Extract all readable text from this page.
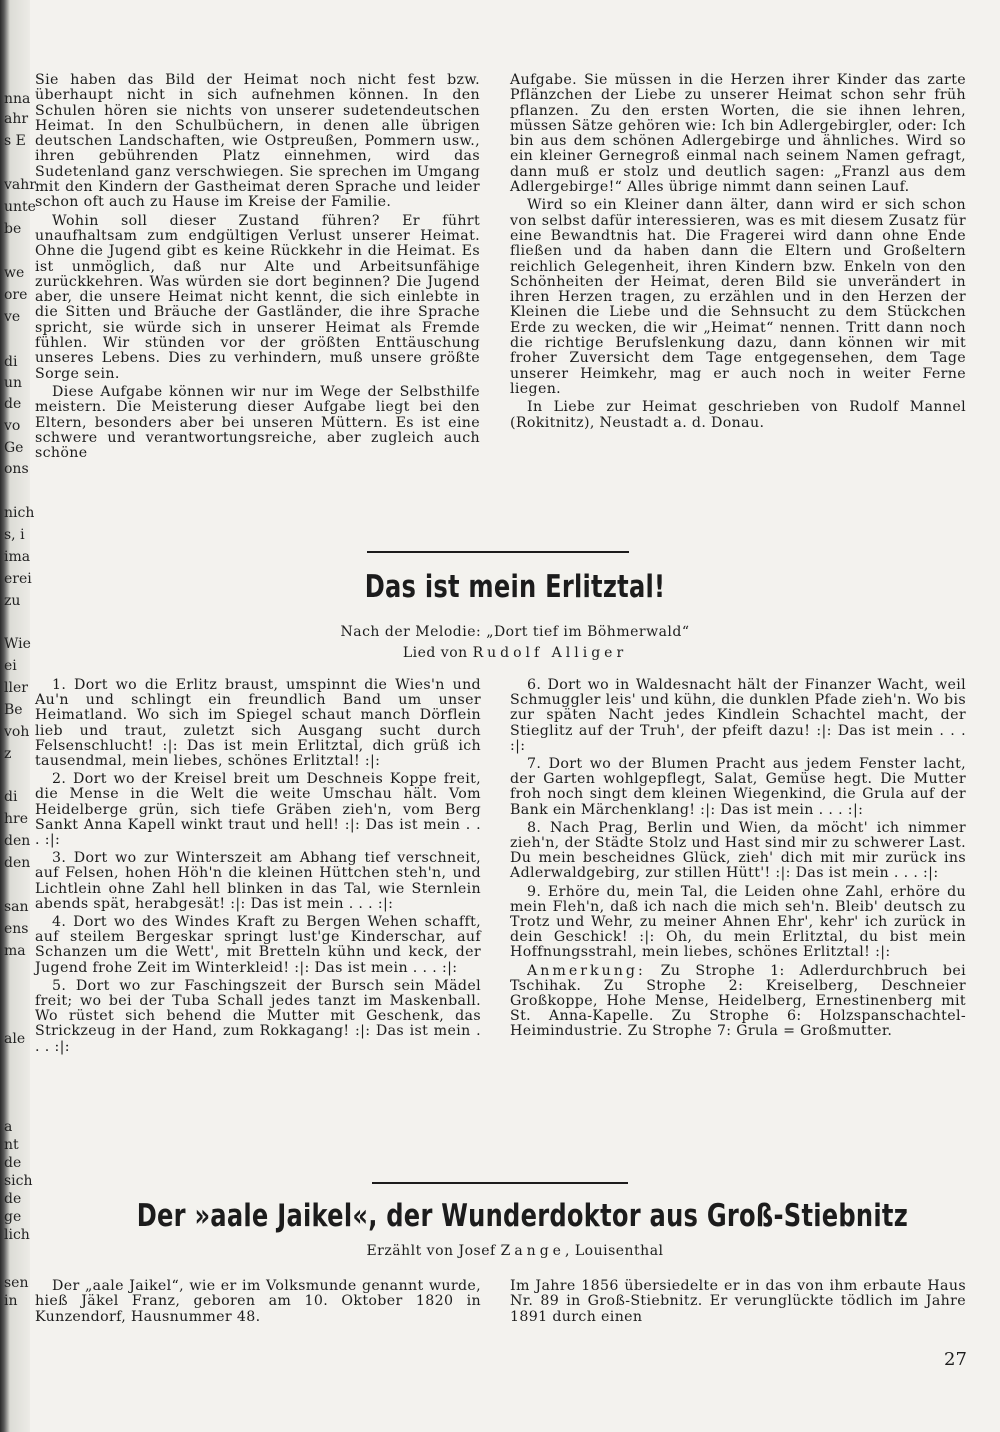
nna
ahr
s E
vahr
unte
be
we
ore
ve
di
un
de
vo
Ge
ons
nich
s, i
ima
erei
zu
Wie
ei
ller
Be
voh
z
di
hre
den
den
san
ens
ma
ale
a
nt
de
sich
de
ge
lich
sen
in

Sie haben das Bild der Heimat noch nicht fest bzw. überhaupt nicht in sich aufnehmen können. In den Schulen hören sie nichts von unserer sudetendeutschen Heimat. In den Schulbüchern, in denen alle übrigen deutschen Landschaften, wie Ostpreußen, Pommern usw., ihren gebührenden Platz einnehmen, wird das Sudetenland ganz verschwiegen. Sie sprechen im Umgang mit den Kindern der Gastheimat deren Sprache und leider schon oft auch zu Hause im Kreise der Familie.

Wohin soll dieser Zustand führen? Er führt unaufhaltsam zum endgültigen Verlust unserer Heimat. Ohne die Jugend gibt es keine Rückkehr in die Heimat. Es ist unmöglich, daß nur Alte und Arbeitsunfähige zurückkehren. Was würden sie dort beginnen? Die Jugend aber, die unsere Heimat nicht kennt, die sich einlebte in die Sitten und Bräuche der Gastländer, die ihre Sprache spricht, sie würde sich in unserer Heimat als Fremde fühlen. Wir stünden vor der größten Enttäuschung unseres Lebens. Dies zu verhindern, muß unsere größte Sorge sein.

Diese Aufgabe können wir nur im Wege der Selbsthilfe meistern. Die Meisterung dieser Aufgabe liegt bei den Eltern, besonders aber bei unseren Müttern. Es ist eine schwere und verantwortungsreiche, aber zugleich auch schöne

Aufgabe. Sie müssen in die Herzen ihrer Kinder das zarte Pflänzchen der Liebe zu unserer Heimat schon sehr früh pflanzen. Zu den ersten Worten, die sie ihnen lehren, müssen Sätze gehören wie: Ich bin Adlergebirgler, oder: Ich bin aus dem schönen Adlergebirge und ähnliches. Wird so ein kleiner Gernegroß einmal nach seinem Namen gefragt, dann muß er stolz und deutlich sagen: „Franzl aus dem Adlergebirge!“ Alles übrige nimmt dann seinen Lauf.

Wird so ein Kleiner dann älter, dann wird er sich schon von selbst dafür interessieren, was es mit diesem Zusatz für eine Bewandtnis hat. Die Fragerei wird dann ohne Ende fließen und da haben dann die Eltern und Großeltern reichlich Gelegenheit, ihren Kindern bzw. Enkeln von den Schönheiten der Heimat, deren Bild sie unverändert in ihren Herzen tragen, zu erzählen und in den Herzen der Kleinen die Liebe und die Sehnsucht zu dem Stückchen Erde zu wecken, die wir „Heimat“ nennen. Tritt dann noch die richtige Berufslenkung dazu, dann können wir mit froher Zuversicht dem Tage entgegensehen, dem Tage unserer Heimkehr, mag er auch noch in weiter Ferne liegen.

In Liebe zur Heimat geschrieben von Rudolf Mannel (Rokitnitz), Neustadt a. d. Donau.

Das ist mein Erlitztal!
Nach der Melodie: „Dort tief im Böhmerwald“
Lied von Rudolf Alliger

1. Dort wo die Erlitz braust, umspinnt die Wies'n und Au'n und schlingt ein freundlich Band um unser Heimatland. Wo sich im Spiegel schaut manch Dörflein lieb und traut, zuletzt sich Ausgang sucht durch Felsenschlucht! :|: Das ist mein Erlitztal, dich grüß ich tausendmal, mein liebes, schönes Erlitztal! :|:

2. Dort wo der Kreisel breit um Deschneis Koppe freit, die Mense in die Welt die weite Umschau hält. Vom Heidelberge grün, sich tiefe Gräben zieh'n, vom Berg Sankt Anna Kapell winkt traut und hell! :|: Das ist mein . . . :|:

3. Dort wo zur Winterszeit am Abhang tief verschneit, auf Felsen, hohen Höh'n die kleinen Hüttchen steh'n, und Lichtlein ohne Zahl hell blinken in das Tal, wie Sternlein abends spät, herabgesät! :|: Das ist mein . . . :|:

4. Dort wo des Windes Kraft zu Bergen Wehen schafft, auf steilem Bergeskar springt lust'ge Kinderschar, auf Schanzen um die Wett', mit Bretteln kühn und keck, der Jugend frohe Zeit im Winterkleid! :|: Das ist mein . . . :|:

5. Dort wo zur Faschingszeit der Bursch sein Mädel freit; wo bei der Tuba Schall jedes tanzt im Maskenball. Wo rüstet sich behend die Mutter mit Geschenk, das Strickzeug in der Hand, zum Rokkagang! :|: Das ist mein . . . :|:

6. Dort wo in Waldesnacht hält der Finanzer Wacht, weil Schmuggler leis' und kühn, die dunklen Pfade zieh'n. Wo bis zur späten Nacht jedes Kindlein Schachtel macht, der Stieglitz auf der Truh', der pfeift dazu! :|: Das ist mein . . . :|:

7. Dort wo der Blumen Pracht aus jedem Fenster lacht, der Garten wohlgepflegt, Salat, Gemüse hegt. Die Mutter froh noch singt dem kleinen Wiegenkind, die Grula auf der Bank ein Märchenklang! :|: Das ist mein . . . :|:

8. Nach Prag, Berlin und Wien, da möcht' ich nimmer zieh'n, der Städte Stolz und Hast sind mir zu schwerer Last. Du mein bescheidnes Glück, zieh' dich mit mir zurück ins Adlerwaldgebirg, zur stillen Hütt'! :|: Das ist mein . . . :|:

9. Erhöre du, mein Tal, die Leiden ohne Zahl, erhöre du mein Fleh'n, daß ich nach die mich seh'n. Bleib' deutsch zu Trotz und Wehr, zu meiner Ahnen Ehr', kehr' ich zurück in dein Geschick! :|: Oh, du mein Erlitztal, du bist mein Hoffnungsstrahl, mein liebes, schönes Erlitztal! :|:

Anmerkung: Zu Strophe 1: Adlerdurchbruch bei Tschihak. Zu Strophe 2: Kreiselberg, Deschneier Großkoppe, Hohe Mense, Heidelberg, Ernestinenberg mit St. Anna-Kapelle. Zu Strophe 6: Holzspanschachtel-Heimindustrie. Zu Strophe 7: Grula = Großmutter.

Der »aale Jaikel«, der Wunderdoktor aus Groß-Stiebnitz
Erzählt von Josef Zange, Louisenthal

Der „aale Jaikel“, wie er im Volksmunde genannt wurde, hieß Jäkel Franz, geboren am 10. Oktober 1820 in Kunzendorf, Hausnummer 48.

Im Jahre 1856 übersiedelte er in das von ihm erbaute Haus Nr. 89 in Groß-Stiebnitz. Er verunglückte tödlich im Jahre 1891 durch einen

27
